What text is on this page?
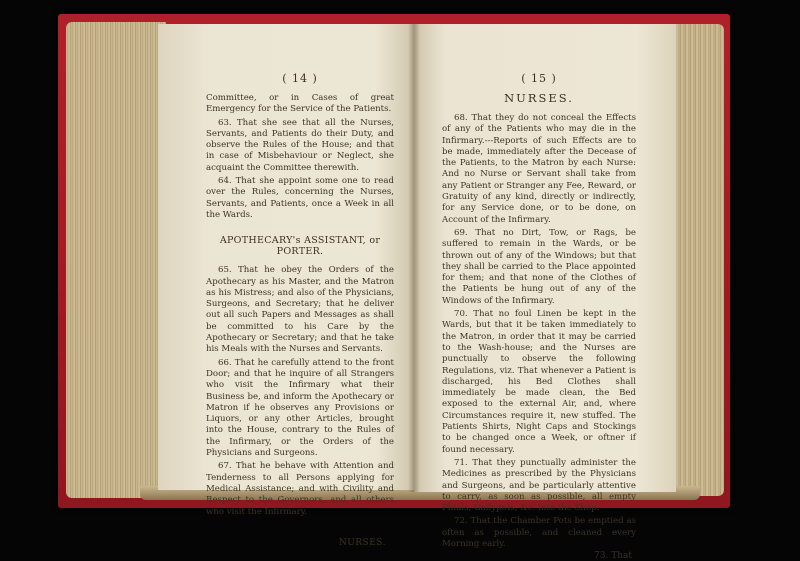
( 14 )

Committee, or in Cases of great Emergency for the Service of the Patients.

63. That she see that all the Nurses, Servants, and Patients do their Duty, and observe the Rules of the House; and that in case of Misbehaviour or Neglect, she acquaint the Committee therewith.

64. That she appoint some one to read over the Rules, concerning the Nurses, Servants, and Patients, once a Week in all the Wards.

APOTHECARY's ASSISTANT, or PORTER.

65. That he obey the Orders of the Apothecary as his Master, and the Matron as his Mistress; and also of the Physicians, Surgeons, and Secretary; that he deliver out all such Papers and Messages as shall be committed to his Care by the Apothecary or Secretary; and that he take his Meals with the Nurses and Servants.

66. That he carefully attend to the front Door; and that he inquire of all Strangers who visit the Infirmary what their Business be, and inform the Apothecary or Matron if he observes any Provisions or Liquors, or any other Articles, brought into the House, contrary to the Rules of the Infirmary, or the Orders of the Physicians and Surgeons.

67. That he behave with Attention and Tenderness to all Persons applying for Medical Assistance; and with Civility and Respect to the Governors, and all others who visit the Infirmary.

NURSES.
( 15 )
NURSES.

68. That they do not conceal the Effects of any of the Patients who may die in the Infirmary.---Reports of such Effects are to be made, immediately after the Decease of the Patients, to the Matron by each Nurse: And no Nurse or Servant shall take from any Patient or Stranger any Fee, Reward, or Gratuity of any kind, directly or indirectly, for any Service done, or to be done, on Account of the Infirmary.

69. That no Dirt, Tow, or Rags, be suffered to remain in the Wards, or be thrown out of any of the Windows; but that they shall be carried to the Place appointed for them; and that none of the Clothes of the Patients be hung out of any of the Windows of the Infirmary.

70. That no foul Linen be kept in the Wards, but that it be taken immediately to the Matron, in order that it may be carried to the Wash-house; and the Nurses are punctually to observe the following Regulations, viz. That whenever a Patient is discharged, his Bed Clothes shall immediately be made clean, the Bed exposed to the external Air, and, where Circumstances require it, new stuffed. The Patients Shirts, Night Caps and Stockings to be changed once a Week, or oftner if found necessary.

71. That they punctually administer the Medicines as prescribed by the Physicians and Surgeons, and be particularly attentive to carry, as soon as possible, all empty Phials, Gallypots, &c. into the Shop.

72. That the Chamber Pots be emptied as often as possible, and cleaned every Morning early.

73. That
